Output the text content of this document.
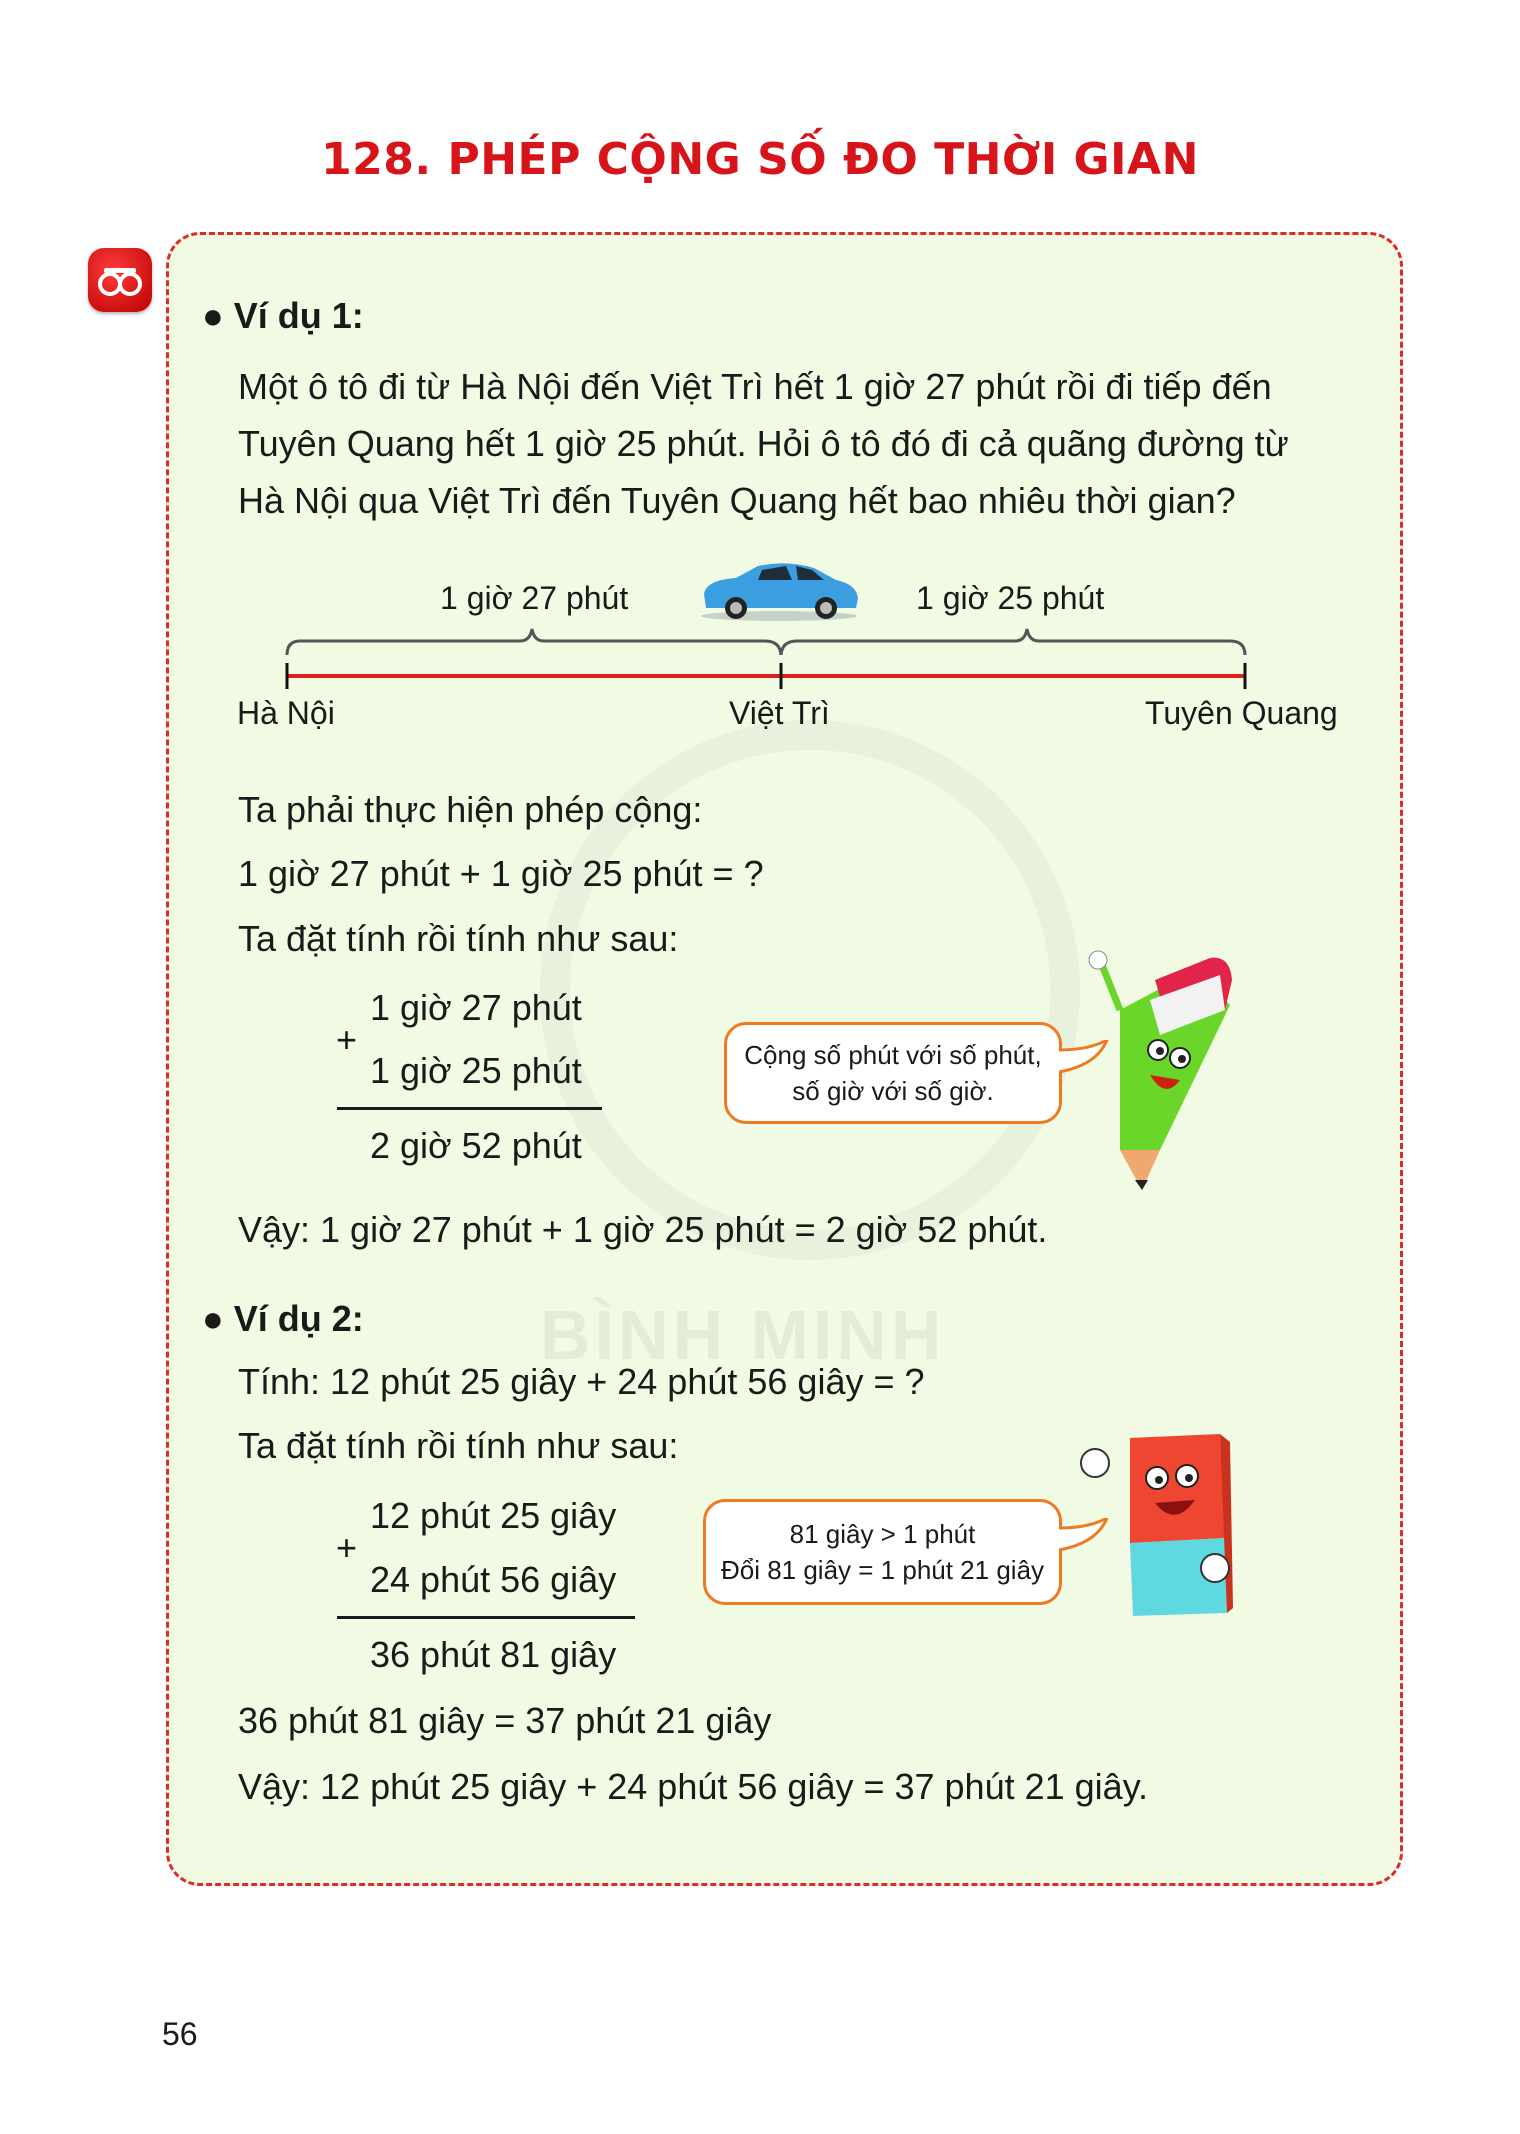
128. PHÉP CỘNG SỐ ĐO THỜI GIAN
BÌNH MINH
● Ví dụ 1:
Một ô tô đi từ Hà Nội đến Việt Trì hết 1 giờ 27 phút rồi đi tiếp đến
Tuyên Quang hết 1 giờ 25 phút. Hỏi ô tô đó đi cả quãng đường từ
Hà Nội qua Việt Trì đến Tuyên Quang hết bao nhiêu thời gian?
1 giờ 27 phút	1 giờ 25 phút
Hà Nội	Việt Trì	Tuyên Quang
Ta phải thực hiện phép cộng:
1 giờ 27 phút + 1 giờ 25 phút = ?
Ta đặt tính rồi tính như sau:
1 giờ 27 phút
+
1 giờ 25 phút
2 giờ 52 phút
Cộng số phút với số phút,
số giờ với số giờ.
Vậy: 1 giờ 27 phút + 1 giờ 25 phút = 2 giờ 52 phút.
● Ví dụ 2:
Tính: 12 phút 25 giây + 24 phút 56 giây = ?
Ta đặt tính rồi tính như sau:
12 phút 25 giây
+
24 phút 56 giây
36 phút 81 giây
81 giây > 1 phút
Đổi 81 giây = 1 phút 21 giây
36 phút 81 giây = 37 phút 21 giây
Vậy: 12 phút 25 giây + 24 phút 56 giây = 37 phút 21 giây.
56
